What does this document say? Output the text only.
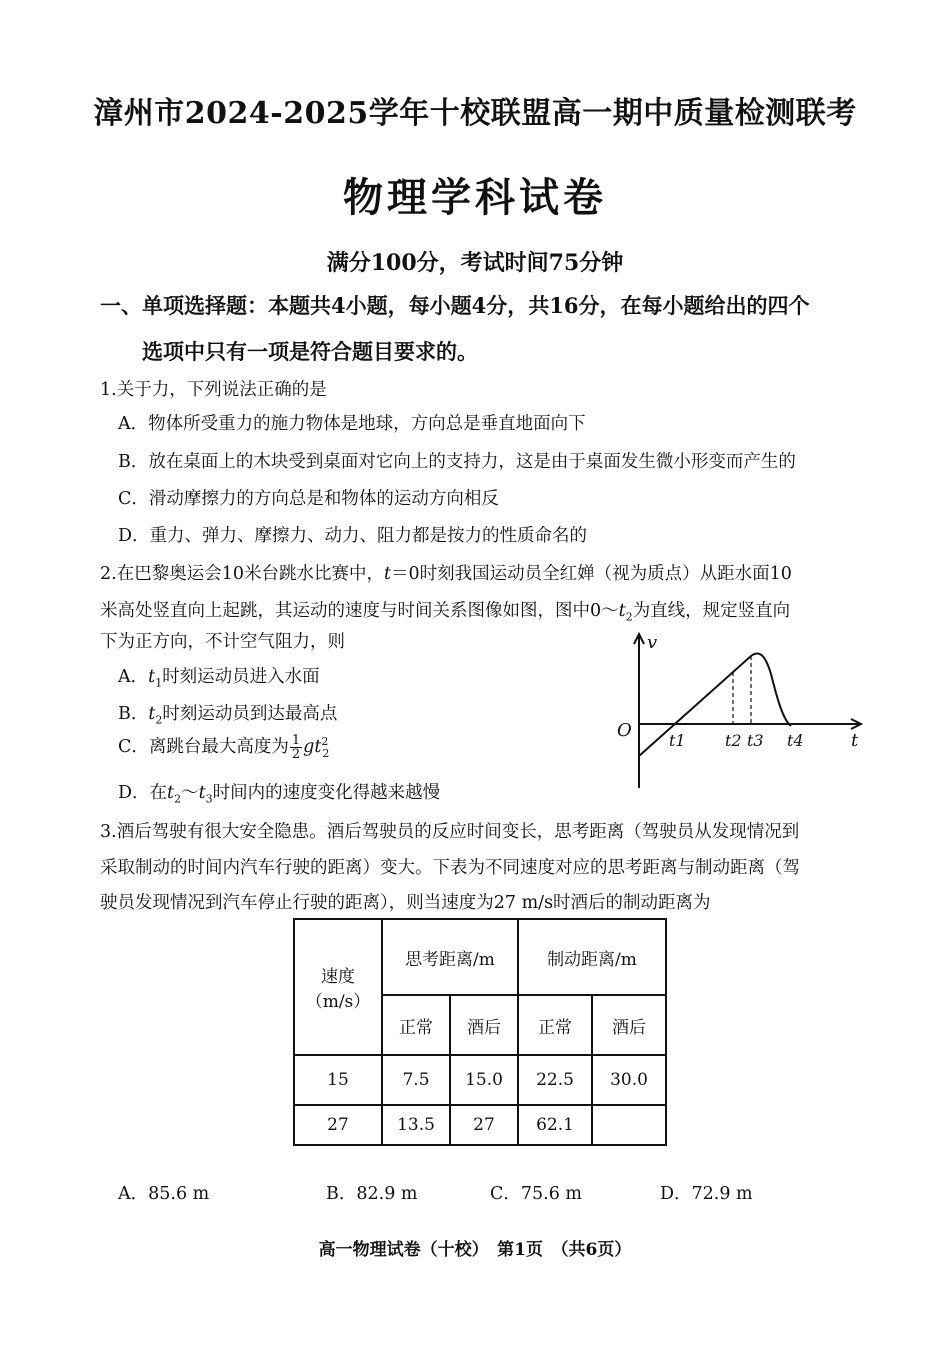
漳州市2024-2025学年十校联盟高一期中质量检测联考
物理学科试卷
满分100分，考试时间75分钟
一、单项选择题：本题共4小题，每小题4分，共16分，在每小题给出的四个
选项中只有一项是符合题目要求的。
1.关于力，下列说法正确的是
A．物体所受重力的施力物体是地球，方向总是垂直地面向下
B．放在桌面上的木块受到桌面对它向上的支持力，这是由于桌面发生微小形变而产生的
C．滑动摩擦力的方向总是和物体的运动方向相反
D．重力、弹力、摩擦力、动力、阻力都是按力的性质命名的
2.在巴黎奥运会10米台跳水比赛中，t＝0时刻我国运动员全红婵（视为质点）从距水面10
米高处竖直向上起跳，其运动的速度与时间关系图像如图，图中$0\sim t_2$为直线，规定竖直向
下为正方向，不计空气阻力，则
A．$t_1$时刻运动员进入水面
B．$t_2$时刻运动员到达最高点
C．离跳台最大高度为 $\frac{1}{2} gt^2_2$
D．在$t_2\sim t_3$时间内的速度变化得越来越慢
v
t
O t1 t2 t3 t4
3.酒后驾驶有很大安全隐患。酒后驾驶员的反应时间变长，思考距离（驾驶员从发现情况到
采取制动的时间内汽车行驶的距离）变大。下表为不同速度对应的思考距离与制动距离（驾
驶员发现情况到汽车停止行驶的距离），则当速度为27 m/s时酒后的制动距离为
速度
（m/s）	思考距离/m		制动距离/m	
	正常	酒后	正常	酒后
15	7.5	15.0	22.5	30.0
27	13.5	27	62.1	
A．85.6 m	B．82.9 m	C．75.6 m	D．72.9 m
高一物理试卷（十校）　第1页　（共6页）
